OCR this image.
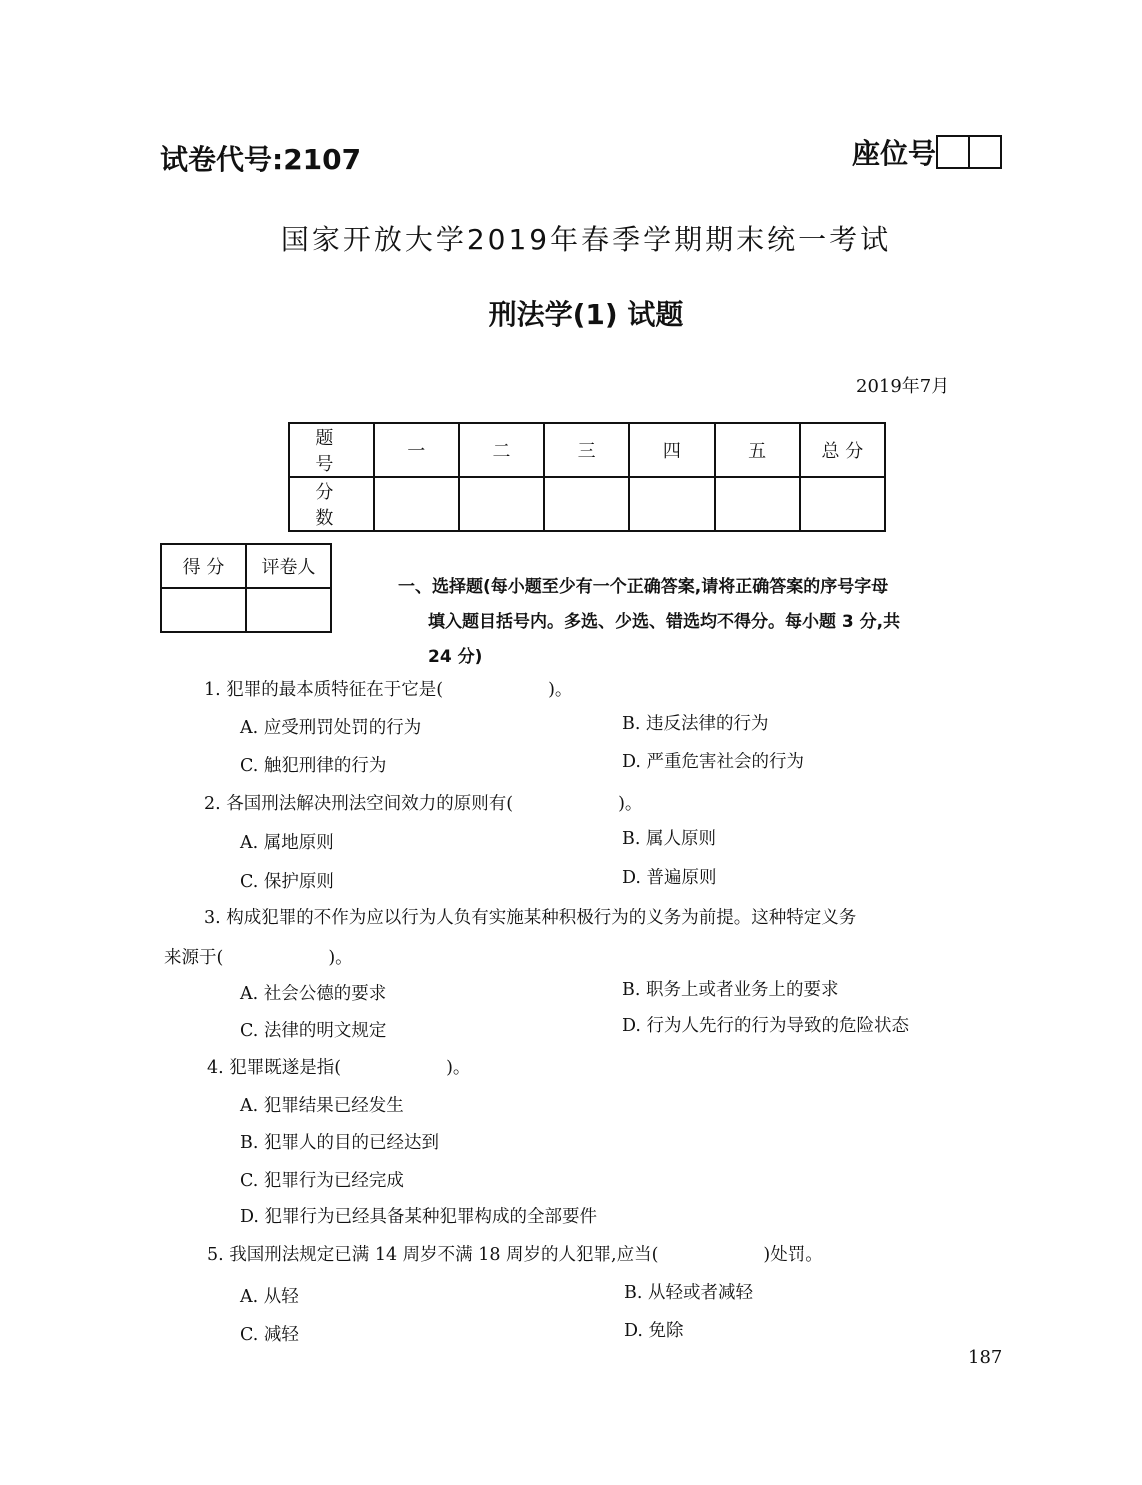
试卷代号:2107	座位号
国家开放大学2019年春季学期期末统一考试
刑法学(1) 试题
2019年7月
题 号	一	二	三	四	五	总 分
分 数						
得 分	评卷人

一、选择题(每小题至少有一个正确答案,请将正确答案的序号字母
填入题目括号内。多选、少选、错选均不得分。每小题 3 分,共
24 分)
1. 犯罪的最本质特征在于它是(　　　　　　)。
A. 应受刑罚处罚的行为	B. 违反法律的行为
C. 触犯刑律的行为	D. 严重危害社会的行为
2. 各国刑法解决刑法空间效力的原则有(　　　　　　)。
A. 属地原则	B. 属人原则
C. 保护原则	D. 普遍原则
3. 构成犯罪的不作为应以行为人负有实施某种积极行为的义务为前提。这种特定义务
来源于(　　　　　　)。
A. 社会公德的要求	B. 职务上或者业务上的要求
C. 法律的明文规定	D. 行为人先行的行为导致的危险状态
4. 犯罪既遂是指(　　　　　　)。
A. 犯罪结果已经发生
B. 犯罪人的目的已经达到
C. 犯罪行为已经完成
D. 犯罪行为已经具备某种犯罪构成的全部要件
5. 我国刑法规定已满 14 周岁不满 18 周岁的人犯罪,应当(　　　　　　)处罚。
A. 从轻	B. 从轻或者减轻
C. 减轻	D. 免除
187
